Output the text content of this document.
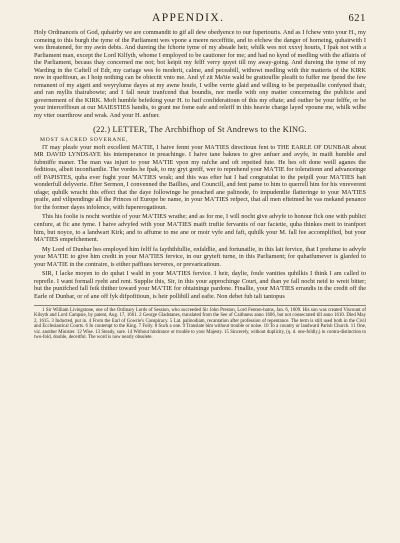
APPENDIX.	621

Holy Ordinanceis of God, quhairby we are commandit to gif all dew obedyence to our fuperiouris. And as I fchew vnto your H., my comeing to this burgh the tyme of the Parliament wes vpone a meere neceffitie, and to efchew the danger of horneing, quhairwith I wes threatened, for my awin debts. And dureing the fchorte tyme of my abeade heir, whilk wes not xxxvj houris, I fpak not with a Parliament man, except the Lord Kilfyth, whome I employed to be cautioner for me; and had no kynd of medling with the affairis of the Parliament, becaus thay concerned me not; bot keipit my felff verry quyet till my away-going. And dureing the tyme of my Warding in the Caftell of Edr, my cariage wes fo moderit, calme, and peceabill, withowt medling with thir matteris of the KIRK now in queftioun, as I hoip nothing can be obiectit vnto me. And yf zit Ma'tie wald be gratiouflie pleafit to fuffer me fpend the few remanent of my aigeit and weyrylume dayes at my awne houfe, I wilbe verrie glaid and willing to be perpetuallie confyned thair, and ran myllis thairabowte; and I fall neuir tranfcend that boundis, nor medle with ony matter concerneing the publicie and governement of the KIRK. Moft humble befeiking your H. to haif confideratioun of this my eftate; and outher be your felffe, or be your interceffioun at our MAIESTIES handis, to grant me fome eafe and releiff in this heavie charge layed vpoune me, whilk wilbe my vtter ouerthrow and wrak. And your H. anfuer.

(22.) LETTER, The Archbifhop of St Andrews to the KING.
MOST SACRED SOVERANE,

IT may pleafe your moft excellent MA'TIE, I haive fennt your MA'TIES directioun fent to THE EARLE OF DUNBAR about MR DAVID LYNDSAYE his intemperance in preachinge. I haive tane baknes to give anfuer and avyfe, in maift humble and fubmiffe maner. The man vas injurt to your MA'TIE vpon my rafche and oft repeited fute. He hes oft done weill aganes the feditious, albeit inconftantlie. The vordes he fpak, to my gryt greiff, wer to reprehend your MA'TIE for tolerationn and advanceinge off PAPISTES, quha ever fught your MA'TIES wrak; and this was efter hat I had congratulat to the peipill your MA'TIES hait wonderfull delyverie. Efter Sermon, I convenned the Baillies, and Councill, and fent pame to him to querrell him for his vnreverent ufage; quhilk wracht this effect that the daye followinge he preached ane palinode, fo impudentlie flatteringe to your MA'TIES praife, and vilipendinge all the Princes of Europe be name, in your MA'TIES refpect, that all men efteimed he vas mekand penance for the former dayes infolence, with fupererogatioun.

This his foolie is nocht worthie of your MA'TIES wrathe; and as for me, I will nocht give advyfe to honour fick one with publict cenfure, at fic ane tyme. I haive advyfed with your MA'TIES maift trufiie fervantis of our facietie, quha thinkes meit to tranfport him, but noyce, to a landwart Kirk; and to affume to me ane or moir vyfe and faft, quhilk your M. fall fee accomplified, but your MA'TIES empefchement.

My Lord of Dunbar hes employed him felff fa fayththfullie, enfaldlie, and fortunatlie, in this lait fervice, that I prefume to advyfe your MA'TIE to give him credit in your MA'TIES fervice, in our gryteft turne, in this Parliament; for quhatfumever is glanfed to your MA'TIE in the contraire, is either paffiues terveres, or prevaricatioun.

SIR, I lacke moyen to do quhat I wald in your MA'TIES fervice. I heir, daylie, foule vanities quhilkis I think I am called to reprefle. I want formall ryeht and rent. Supplie this, Sir, in this your approchinge Court, and than ye fall nocht neid to wreit bitter; but the punifched fall feik thither toward your MA'TIE for obtaininge pardone. Finallie, your MA'TIES errandis in the credit off the Earle of Dunbar, or of ane off fyk difpofitioun, is heir pollibill and eafie. Non debet fub tali tantopus

1 Sir William Livingstone, one of the Ordinary Lords of Session, who succeeded Sir John Preston, Lord Fenton-barns, Jan. 6, 1609. His son was created Viscount of Kilsyth and Lord Campsie, by patent, Aug. 17, 1661. 2 George Gladstanes, translated from the See of Caithness anno 1606, but not consecrated till anno 1610. Died May 2, 1615. 3 Inducted, put in. 4 From the Earl of Gowrie's Conspiracy. 5 Lat. palinodiam, recantation after profession of repentance. The term is still used both in the Civil and Ecclesiastical Courts. 6 In contempt to the King. 7 Folly. 8 Such a one. 9 Translate him without trouble or noise. 10 To a country or landward Parish Church. 11 One, viz. another Minister. 12 Wise. 13 Steady, sure. 14 Without hindrance or trouble to your Majesty. 15 Sincerely, without duplicity, (q. d. one-foldly,) in contra-distinction to two-fold, double, deceitful. The word is now nearly obsolete.
